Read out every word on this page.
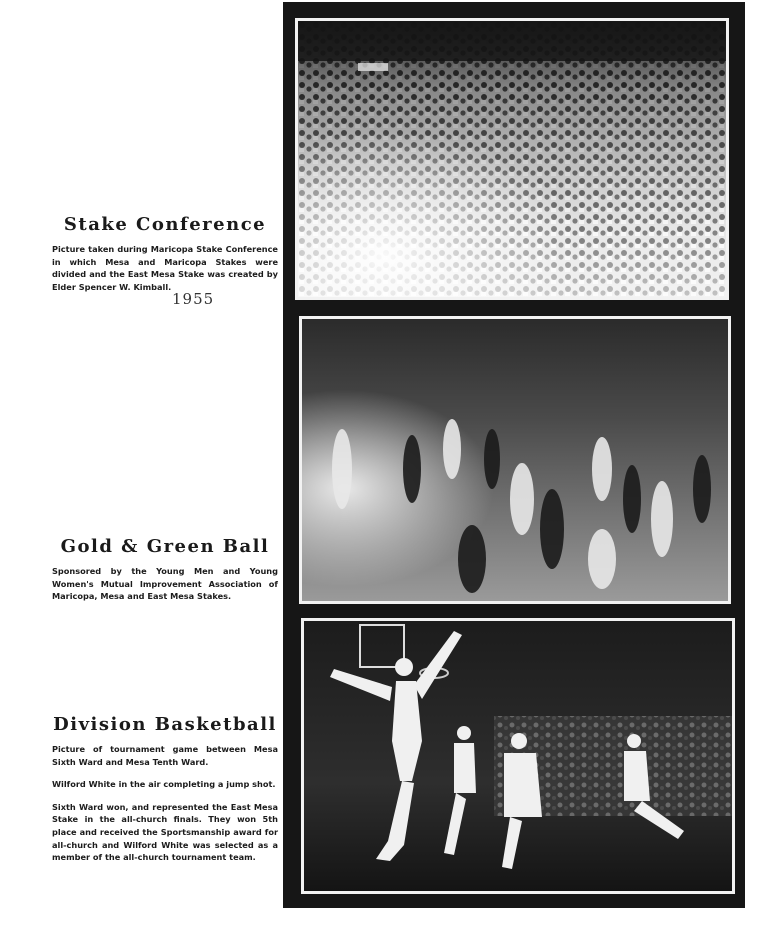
Stake Conference

Picture taken during Maricopa Stake Conference in which Mesa and Maricopa Stakes were divided and the East Mesa Stake was created by Elder Spencer W. Kimball.

1955
Gold & Green Ball

Sponsored by the Young Men and Young Women's Mutual Improvement Association of Maricopa, Mesa and East Mesa Stakes.

Division Basketball

Picture of tournament game between Mesa Sixth Ward and Mesa Tenth Ward.

Wilford White in the air completing a jump shot.

Sixth Ward won, and represented the East Mesa Stake in the all-church finals. They won 5th place and received the Sportsmanship award for all-church and Wilford White was selected as a member of the all-church tournament team.
